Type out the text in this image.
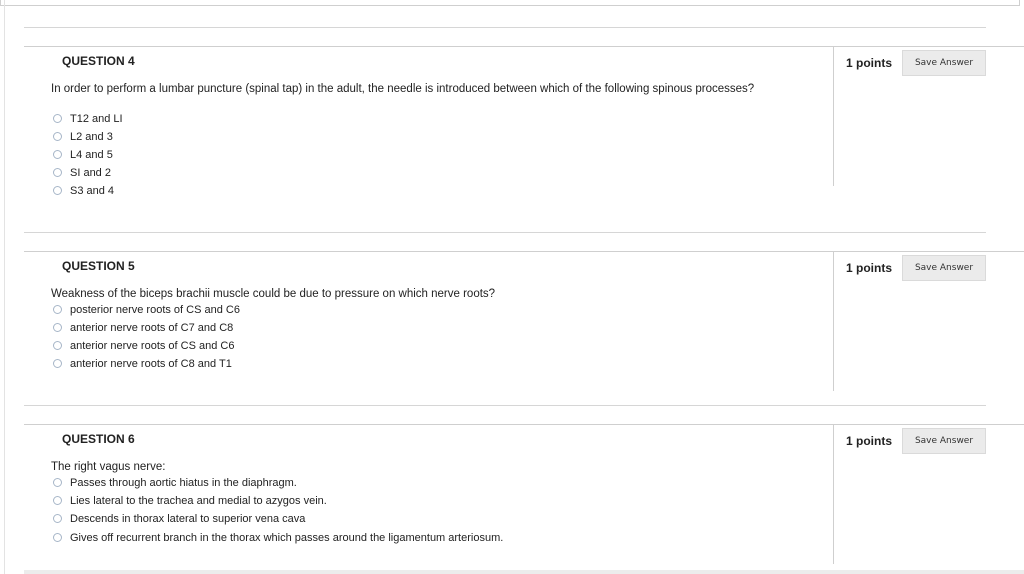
QUESTION 4	1 points	Save Answer
In order to perform a lumbar puncture (spinal tap) in the adult, the needle is introduced between which of the following spinous processes?
T12 and LI
L2 and 3
L4 and 5
SI and 2
S3 and 4
QUESTION 5	1 points	Save Answer
Weakness of the biceps brachii muscle could be due to pressure on which nerve roots?
posterior nerve roots of CS and C6
anterior nerve roots of C7 and C8
anterior nerve roots of CS and C6
anterior nerve roots of C8 and T1
QUESTION 6	1 points	Save Answer
The right vagus nerve:
Passes through aortic hiatus in the diaphragm.
Lies lateral to the trachea and medial to azygos vein.
Descends in thorax lateral to superior vena cava
Gives off recurrent branch in the thorax which passes around the ligamentum arteriosum.
